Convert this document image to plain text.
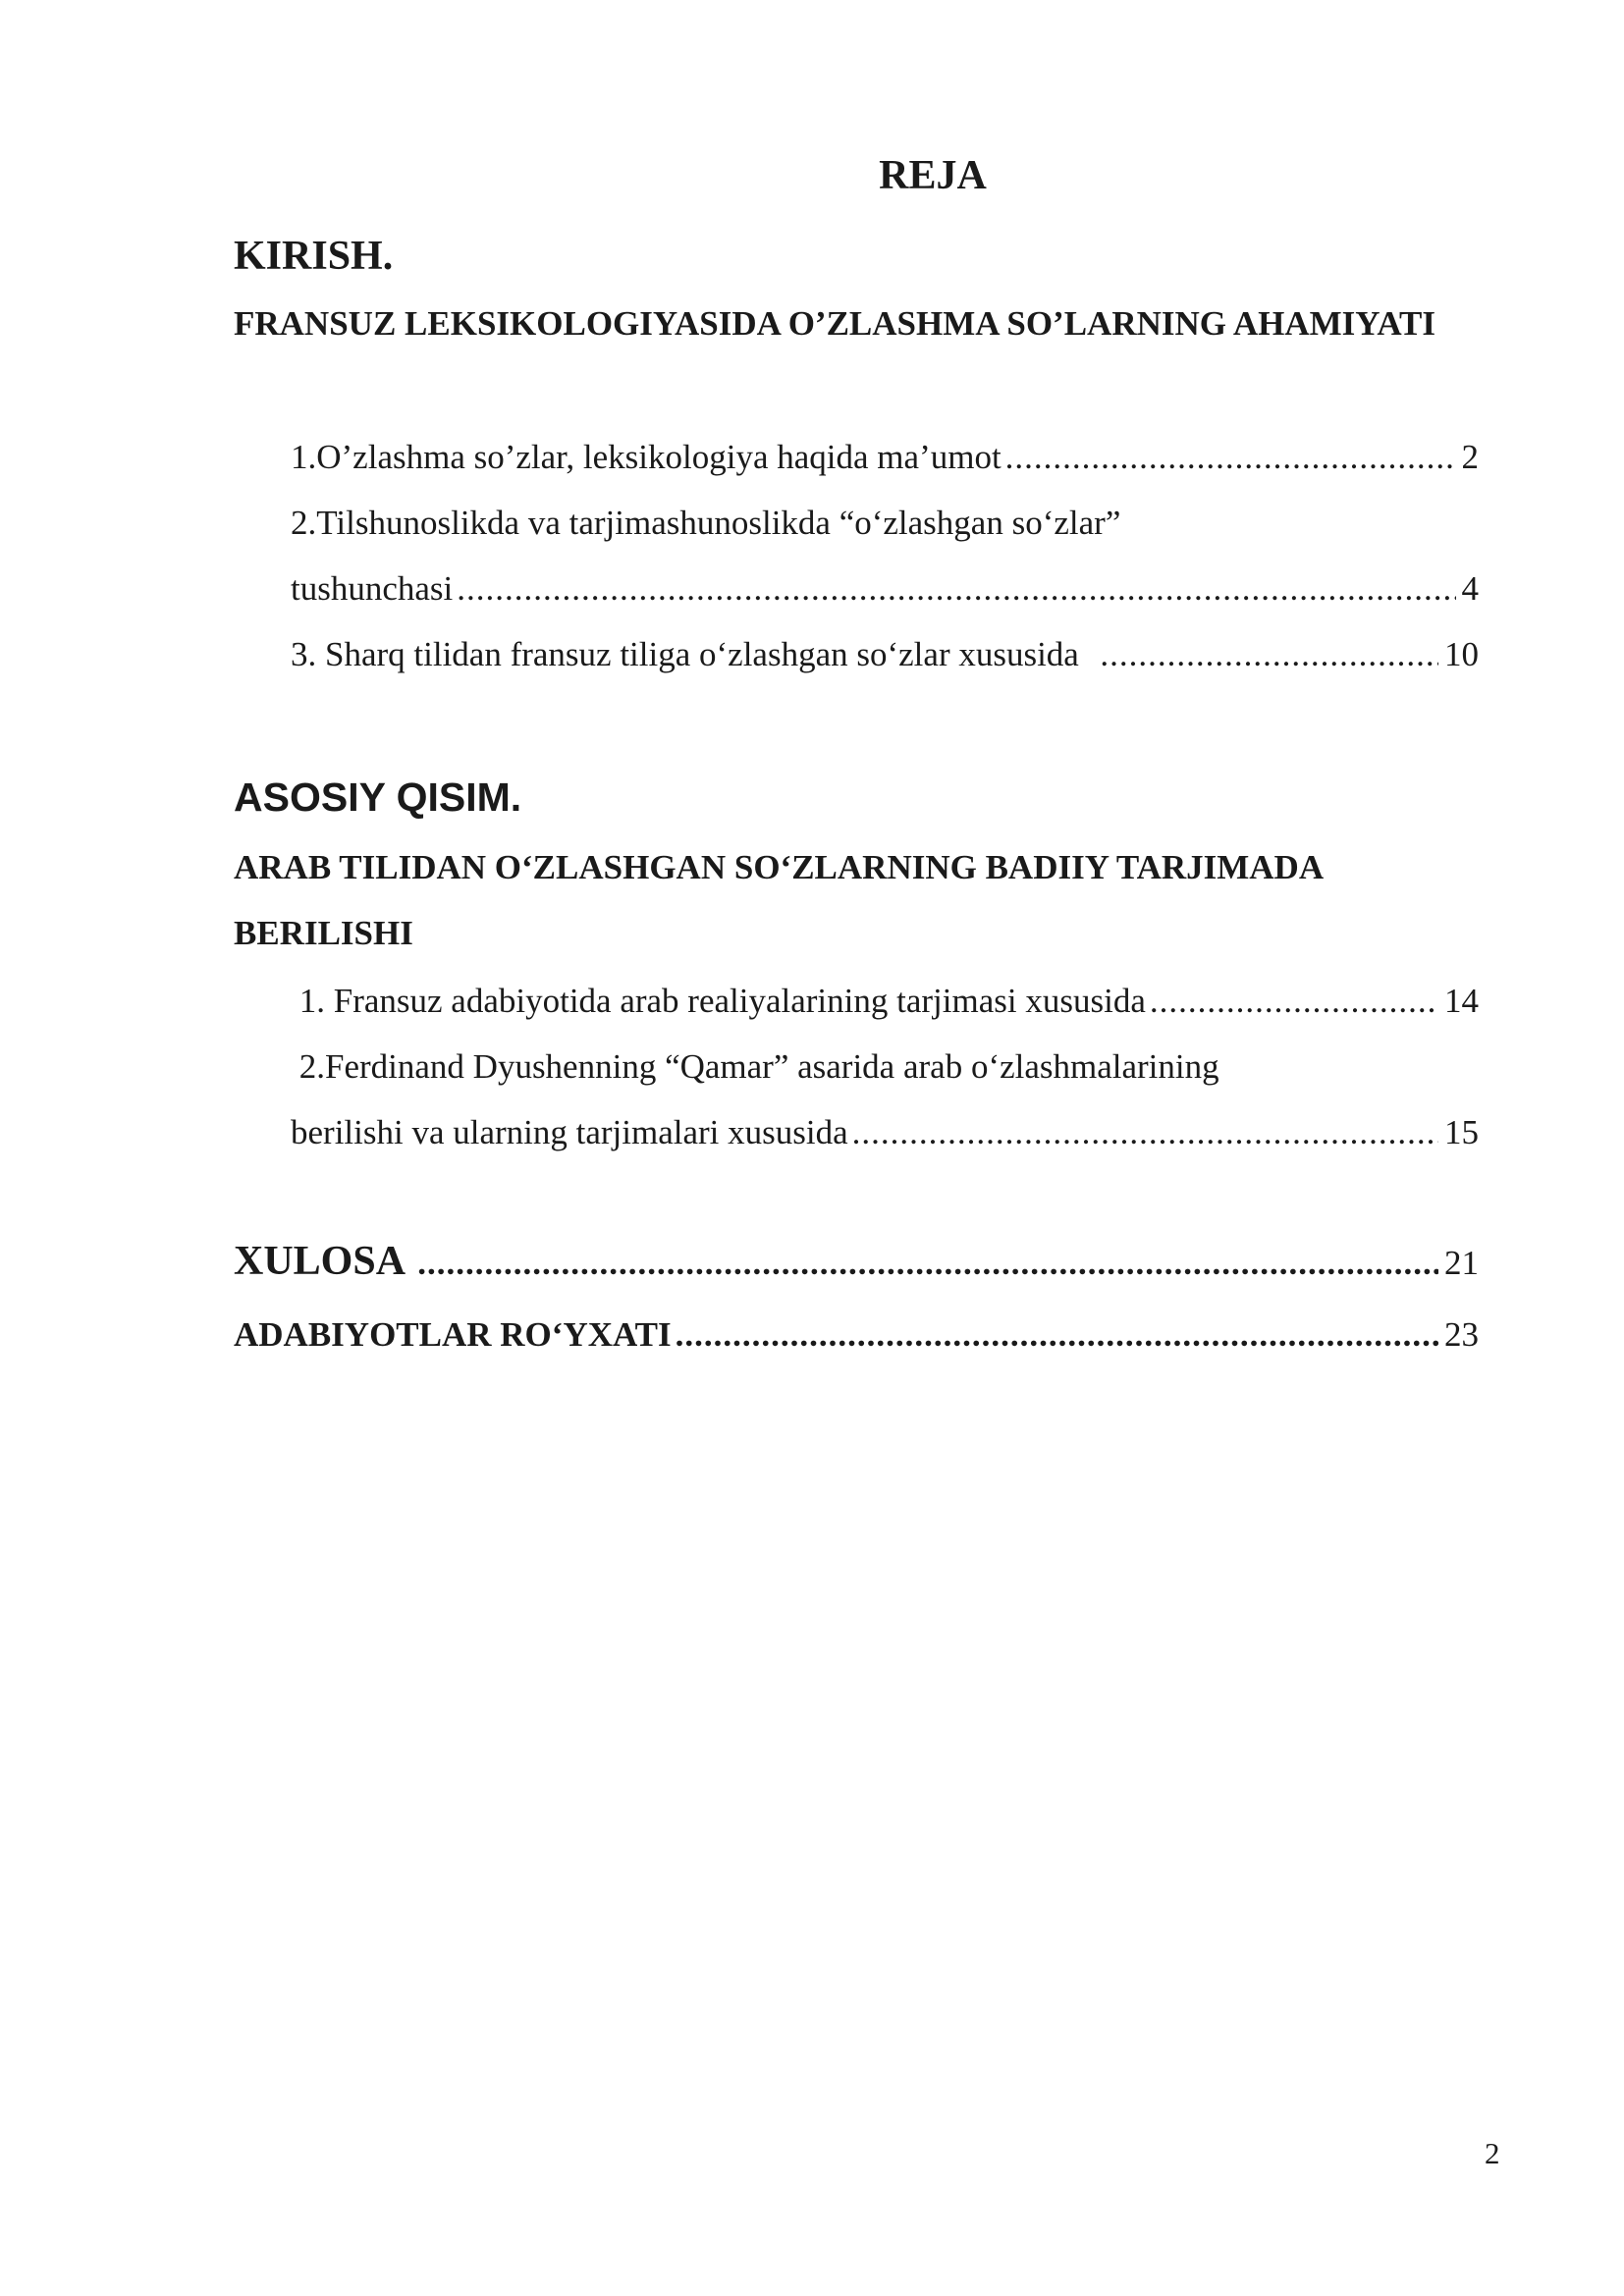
REJA
KIRISH.
FRANSUZ LEKSIKOLOGIYASIDA O’ZLASHMA SO’LARNING AHAMIYATI
1.O’zlashma so’zlar, leksikologiya haqida ma’umot .....	2
2.Tilshunoslikda va tarjimashunoslikda “o‘zlashgan so‘zlar”
tushunchasi .....	4
3. Sharq tilidan fransuz tiliga o‘zlashgan so‘zlar xususida .....	10
ASOSIY QISIM.
ARAB TILIDAN O‘ZLASHGAN SO‘ZLARNING BADIIY TARJIMADA BERILISHI
1. Fransuz adabiyotida arab realiyalarining tarjimasi xususida .....	14
2.Ferdinand Dyushenning “Qamar” asarida arab o‘zlashmalarining
berilishi va ularning tarjimalari xususida .....	15
XULOSA .....	21
ADABIYOTLAR RO‘YXATI .....	23
2
